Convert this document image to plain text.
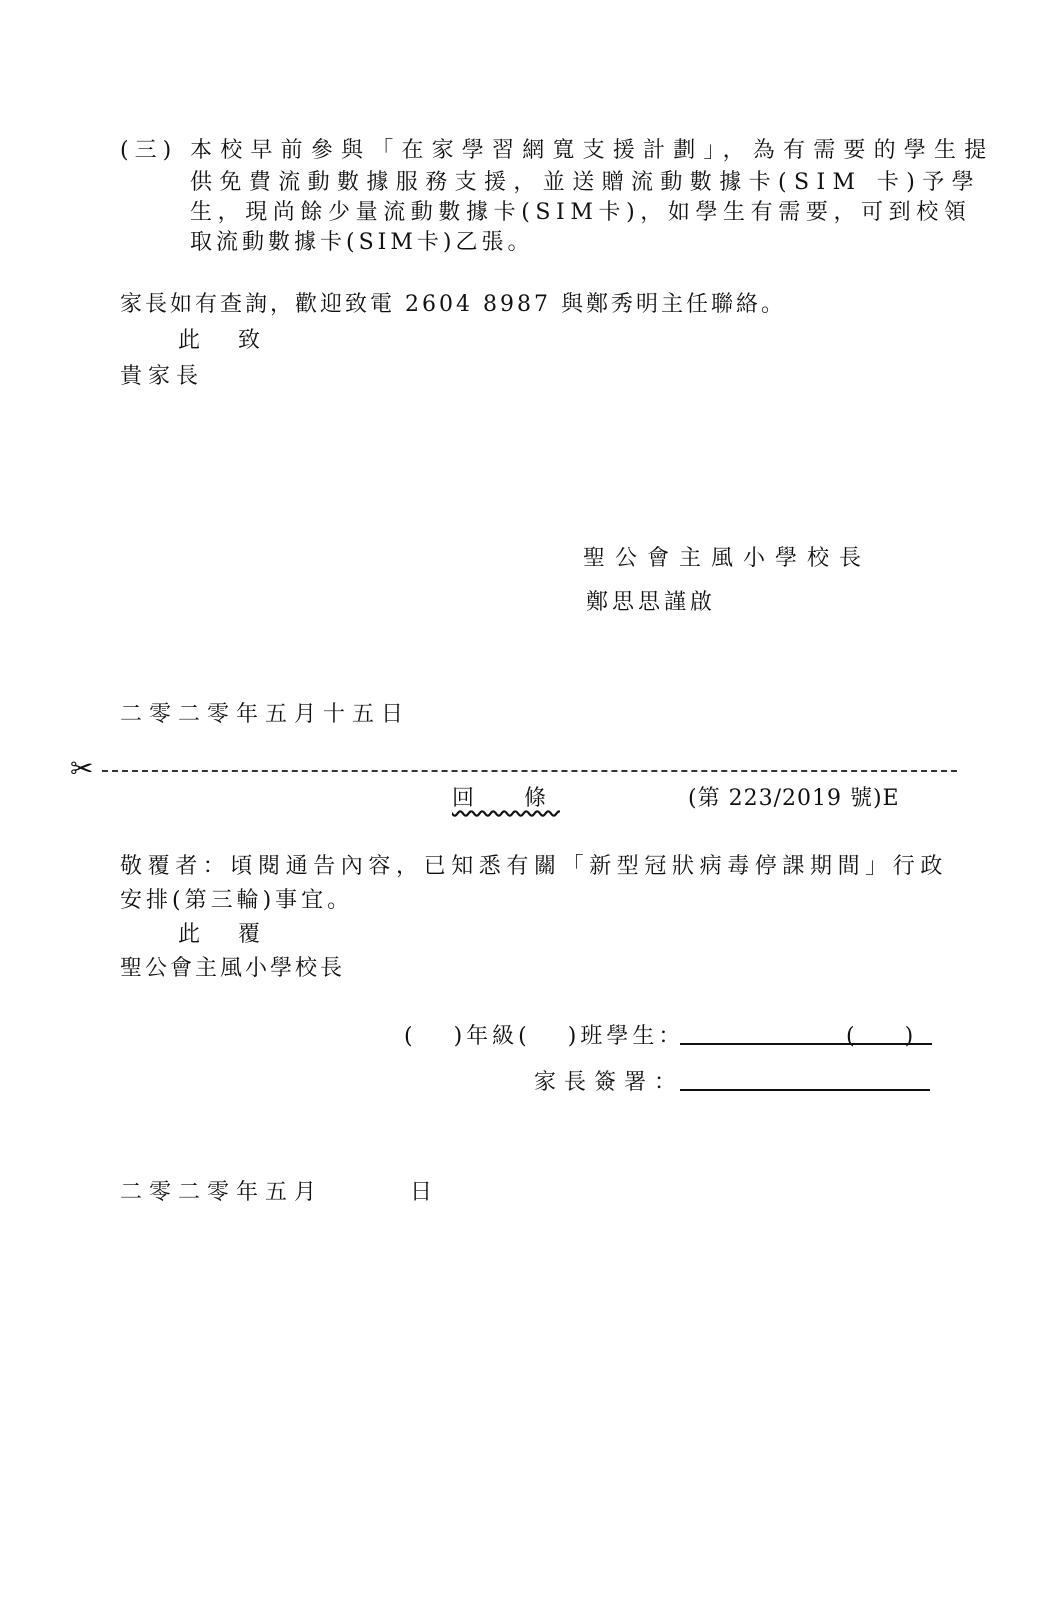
(三) 本校早前參與「在家學習網寬支援計劃」，為有需要的學生提
供免費流動數據服務支援，並送贈流動數據卡(SIM 卡)予學
生，現尚餘少量流動數據卡(SIM卡)，如學生有需要，可到校領
取流動數據卡(SIM卡)乙張。
家長如有查詢，歡迎致電 2604 8987 與鄭秀明主任聯絡。
此　致
貴家長
聖公會主風小學校長
鄭思思謹啟
二零二零年五月十五日
✂
回　條	(第 223/2019 號)E
敬覆者：頃閱通告內容，已知悉有關「新型冠狀病毒停課期間」行政
安排(第三輪)事宜。
此　覆
聖公會主風小學校長
(　 )年級(　 )班學生：	(　　)
家長簽署：
二零二零年五月　　　日
